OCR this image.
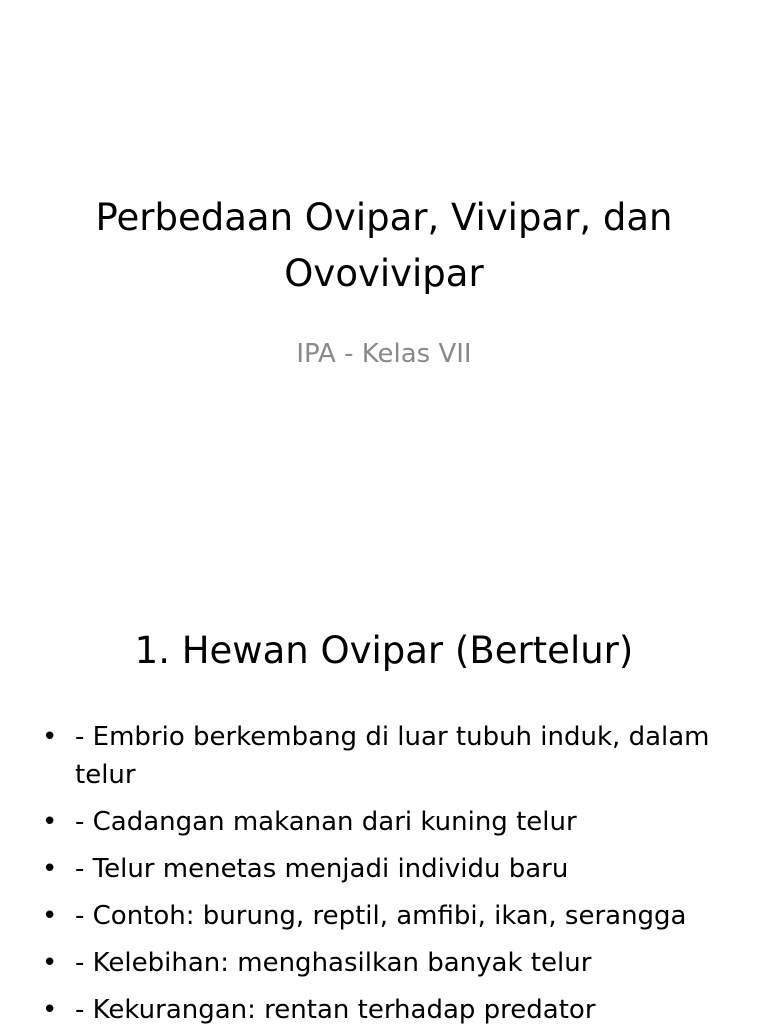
Perbedaan Ovipar, Vivipar, dan Ovovivipar

IPA - Kelas VII

1. Hewan Ovipar (Bertelur)
• - Embrio berkembang di luar tubuh induk, dalam telur
• - Cadangan makanan dari kuning telur
• - Telur menetas menjadi individu baru
• - Contoh: burung, reptil, amfibi, ikan, serangga
• - Kelebihan: menghasilkan banyak telur
• - Kekurangan: rentan terhadap predator
